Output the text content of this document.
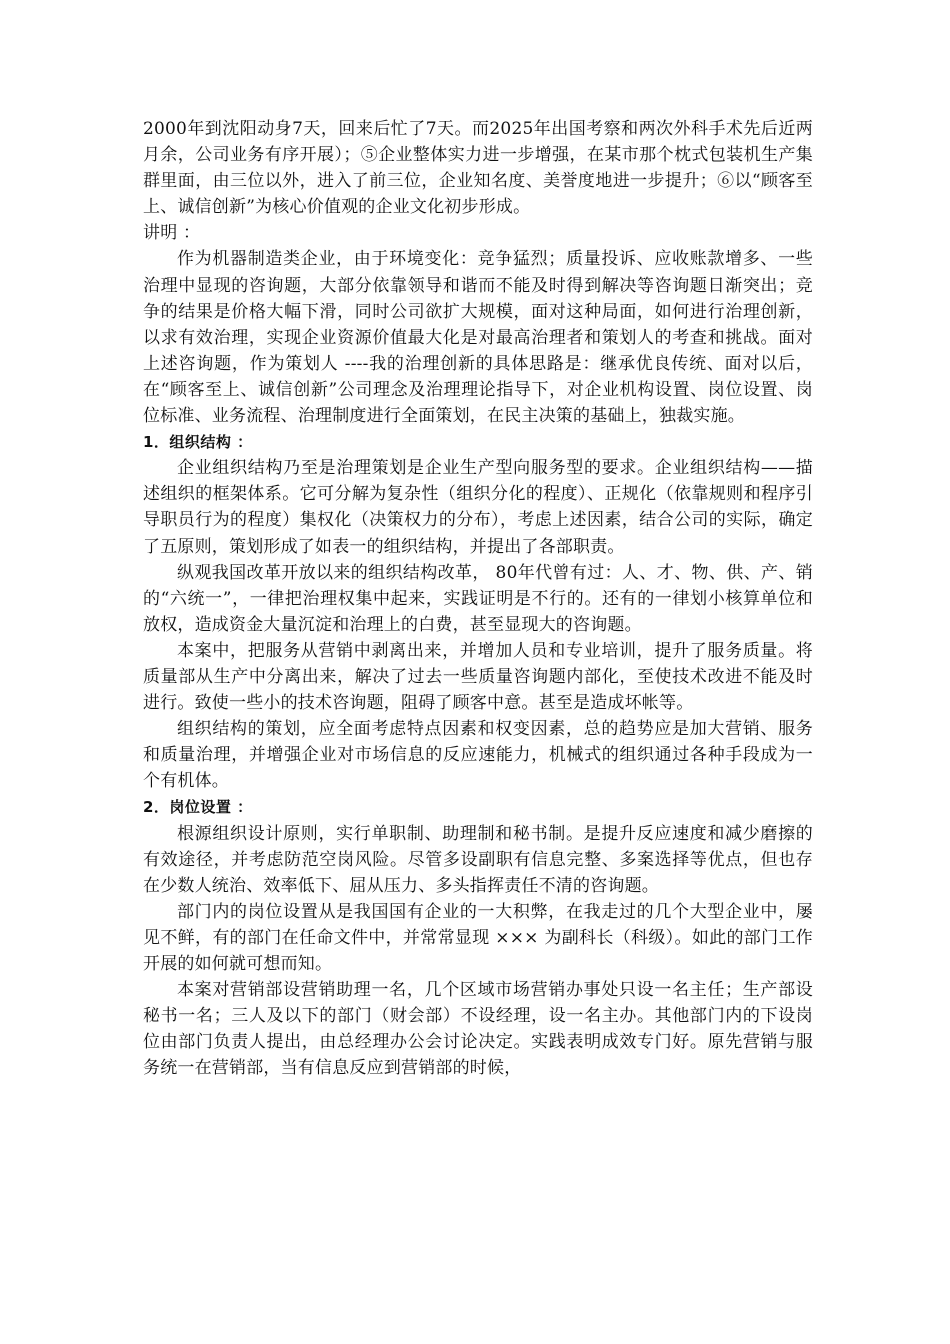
2000年到沈阳动身7天，回来后忙了7天。而2025年出国考察和两次外科手术先后近两月余，公司业务有序开展）；⑤企业整体实力进一步增强，在某市那个枕式包装机生产集群里面，由三位以外，进入了前三位，企业知名度、美誉度地进一步提升；⑥以“顾客至上、诚信创新”为核心价值观的企业文化初步形成。

讲明 ：

作为机器制造类企业，由于环境变化：竞争猛烈；质量投诉、应收账款增多、一些治理中显现的咨询题，大部分依靠领导和谐而不能及时得到解决等咨询题日渐突出；竞争的结果是价格大幅下滑，同时公司欲扩大规模，面对这种局面，如何进行治理创新，以求有效治理，实现企业资源价值最大化是对最高治理者和策划人的考查和挑战。面对上述咨询题，作为策划人 ----我的治理创新的具体思路是：继承优良传统、面对以后，在“顾客至上、诚信创新”公司理念及治理理论指导下，对企业机构设置、岗位设置、岗位标准、业务流程、治理制度进行全面策划，在民主决策的基础上，独裁实施。

1．组织结构 ：

企业组织结构乃至是治理策划是企业生产型向服务型的要求。企业组织结构——描述组织的框架体系。它可分解为复杂性（组织分化的程度）、正规化（依靠规则和程序引导职员行为的程度）集权化（决策权力的分布），考虑上述因素，结合公司的实际，确定了五原则，策划形成了如表一的组织结构，并提出了各部职责。

纵观我国改革开放以来的组织结构改革， 80年代曾有过：人、才、物、供、产、销的“六统一”，一律把治理权集中起来，实践证明是不行的。还有的一律划小核算单位和放权，造成资金大量沉淀和治理上的白费，甚至显现大的咨询题。

本案中，把服务从营销中剥离出来，并增加人员和专业培训，提升了服务质量。将质量部从生产中分离出来，解决了过去一些质量咨询题内部化，至使技术改进不能及时进行。致使一些小的技术咨询题，阻碍了顾客中意。甚至是造成坏帐等。

组织结构的策划，应全面考虑特点因素和权变因素，总的趋势应是加大营销、服务和质量治理，并增强企业对市场信息的反应速能力，机械式的组织通过各种手段成为一个有机体。

2．岗位设置 ：

根源组织设计原则，实行单职制、助理制和秘书制。是提升反应速度和减少磨擦的有效途径，并考虑防范空岗风险。尽管多设副职有信息完整、多案选择等优点，但也存在少数人统治、效率低下、屈从压力、多头指挥责任不清的咨询题。

部门内的岗位设置从是我国国有企业的一大积弊，在我走过的几个大型企业中，屡见不鲜，有的部门在任命文件中，并常常显现 ××× 为副科长（科级）。如此的部门工作开展的如何就可想而知。

本案对营销部设营销助理一名，几个区域市场营销办事处只设一名主任；生产部设秘书一名；三人及以下的部门（财会部）不设经理，设一名主办。其他部门内的下设岗位由部门负责人提出，由总经理办公会讨论决定。实践表明成效专门好。原先营销与服务统一在营销部，当有信息反应到营销部的时候，
